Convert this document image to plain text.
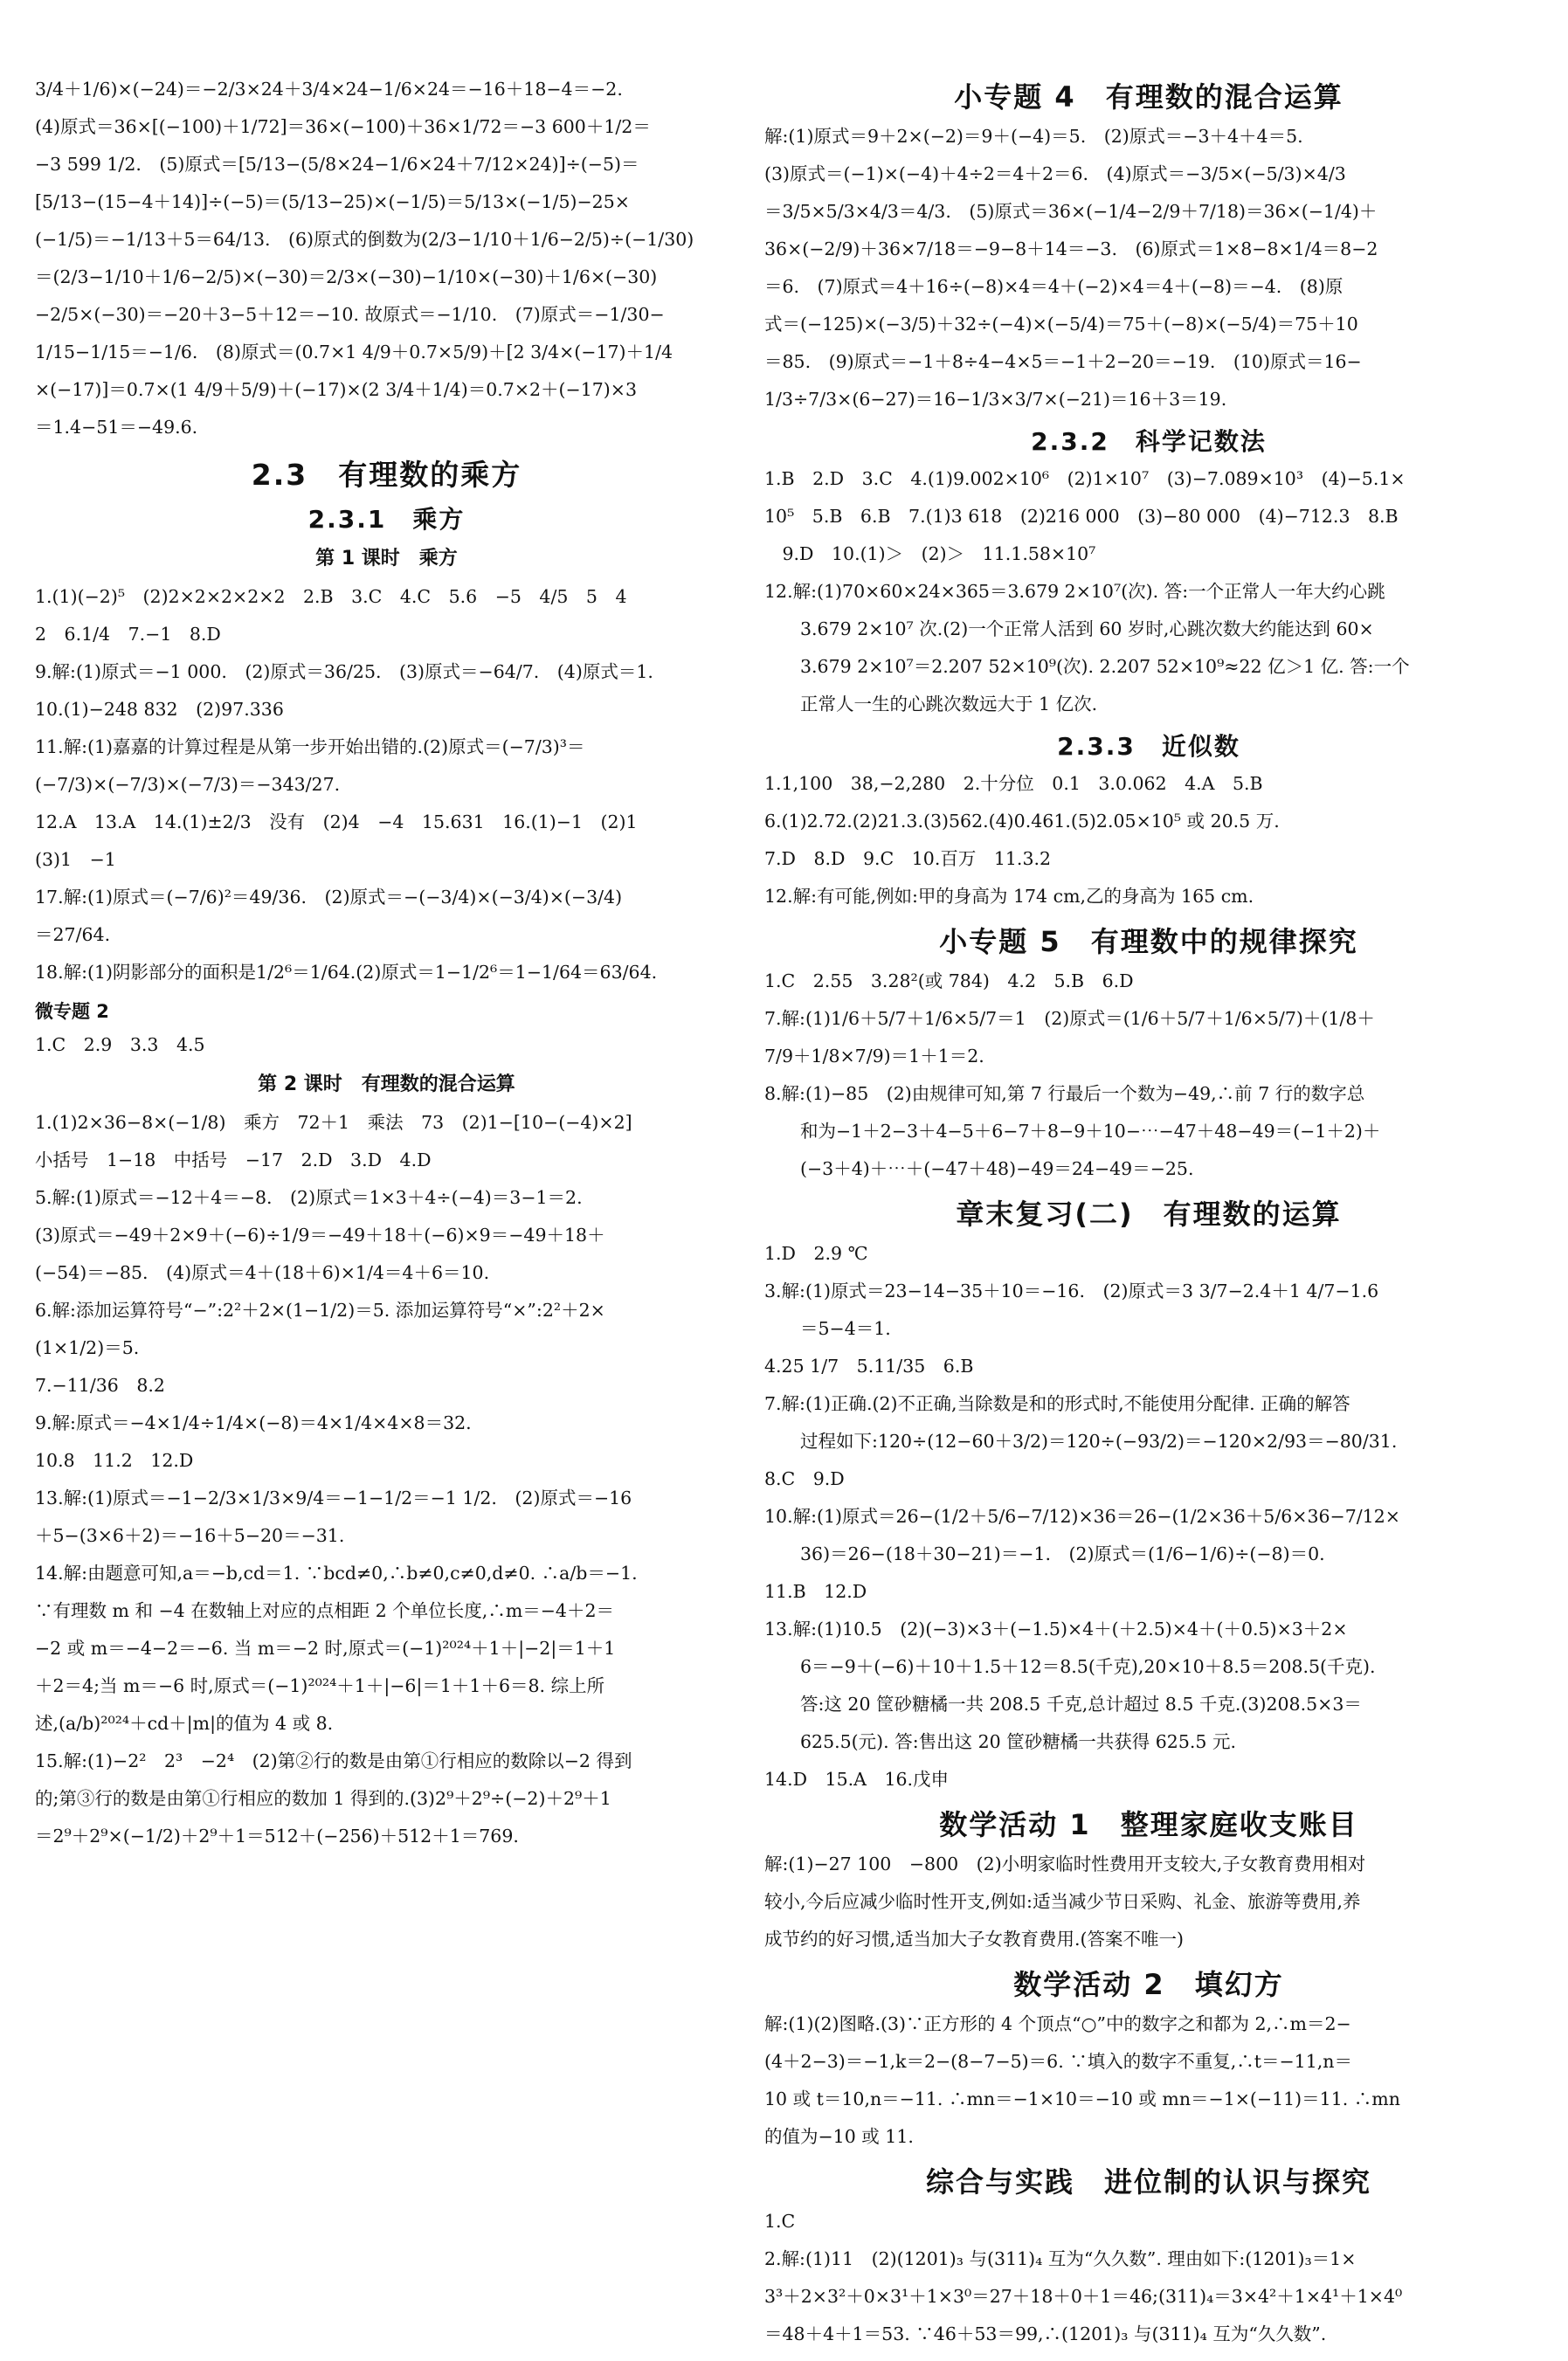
3/4＋1/6)×(−24)＝−2/3×24＋3/4×24−1/6×24＝−16＋18−4＝−2.
(4)原式＝36×[(−100)＋1/72]＝36×(−100)＋36×1/72＝−3 600＋1/2＝
−3 599 1/2.　(5)原式＝[5/13−(5/8×24−1/6×24＋7/12×24)]÷(−5)＝
[5/13−(15−4＋14)]÷(−5)＝(5/13−25)×(−1/5)＝5/13×(−1/5)−25×
(−1/5)＝−1/13＋5＝64/13.　(6)原式的倒数为(2/3−1/10＋1/6−2/5)÷(−1/30)
＝(2/3−1/10＋1/6−2/5)×(−30)＝2/3×(−30)−1/10×(−30)＋1/6×(−30)
−2/5×(−30)＝−20＋3−5＋12＝−10. 故原式＝−1/10.　(7)原式＝−1/30−
1/15−1/15＝−1/6.　(8)原式＝(0.7×1 4/9＋0.7×5/9)＋[2 3/4×(−17)＋1/4
×(−17)]＝0.7×(1 4/9＋5/9)＋(−17)×(2 3/4＋1/4)＝0.7×2＋(−17)×3
＝1.4−51＝−49.6.
2.3　有理数的乘方
2.3.1　乘方
第 1 课时　乘方
1.(1)(−2)⁵　(2)2×2×2×2×2　2.B　3.C　4.C　5.6　−5　4/5　5　4
2　6.1/4　7.−1　8.D
9.解:(1)原式＝−1 000.　(2)原式＝36/25.　(3)原式＝−64/7.　(4)原式＝1.
10.(1)−248 832　(2)97.336
11.解:(1)嘉嘉的计算过程是从第一步开始出错的.(2)原式＝(−7/3)³＝
(−7/3)×(−7/3)×(−7/3)＝−343/27.
12.A　13.A　14.(1)±2/3　没有　(2)4　−4　15.631　16.(1)−1　(2)1
(3)1　−1
17.解:(1)原式＝(−7/6)²＝49/36.　(2)原式＝−(−3/4)×(−3/4)×(−3/4)
＝27/64.
18.解:(1)阴影部分的面积是1/2⁶＝1/64.(2)原式＝1−1/2⁶＝1−1/64＝63/64.
微专题 2
1.C　2.9　3.3　4.5
第 2 课时　有理数的混合运算
1.(1)2×36−8×(−1/8)　乘方　72＋1　乘法　73　(2)1−[10−(−4)×2]
小括号　1−18　中括号　−17　2.D　3.D　4.D
5.解:(1)原式＝−12＋4＝−8.　(2)原式＝1×3＋4÷(−4)＝3−1＝2.
(3)原式＝−49＋2×9＋(−6)÷1/9＝−49＋18＋(−6)×9＝−49＋18＋
(−54)＝−85.　(4)原式＝4＋(18＋6)×1/4＝4＋6＝10.
6.解:添加运算符号“−”:2²＋2×(1−1/2)＝5. 添加运算符号“×”:2²＋2×
(1×1/2)＝5.
7.−11/36　8.2
9.解:原式＝−4×1/4÷1/4×(−8)＝4×1/4×4×8＝32.
10.8　11.2　12.D
13.解:(1)原式＝−1−2/3×1/3×9/4＝−1−1/2＝−1 1/2.　(2)原式＝−16
＋5−(3×6＋2)＝−16＋5−20＝−31.
14.解:由题意可知,a＝−b,cd＝1. ∵bcd≠0,∴b≠0,c≠0,d≠0. ∴a/b＝−1.
∵有理数 m 和 −4 在数轴上对应的点相距 2 个单位长度,∴m＝−4＋2＝
−2 或 m＝−4−2＝−6. 当 m＝−2 时,原式＝(−1)²⁰²⁴＋1＋|−2|＝1＋1
＋2＝4;当 m＝−6 时,原式＝(−1)²⁰²⁴＋1＋|−6|＝1＋1＋6＝8. 综上所
述,(a/b)²⁰²⁴＋cd＋|m|的值为 4 或 8.
15.解:(1)−2²　2³　−2⁴　(2)第②行的数是由第①行相应的数除以−2 得到
的;第③行的数是由第①行相应的数加 1 得到的.(3)2⁹＋2⁹÷(−2)＋2⁹＋1
＝2⁹＋2⁹×(−1/2)＋2⁹＋1＝512＋(−256)＋512＋1＝769.
小专题 4　有理数的混合运算
解:(1)原式＝9＋2×(−2)＝9＋(−4)＝5.　(2)原式＝−3＋4＋4＝5.
(3)原式＝(−1)×(−4)＋4÷2＝4＋2＝6.　(4)原式＝−3/5×(−5/3)×4/3
＝3/5×5/3×4/3＝4/3.　(5)原式＝36×(−1/4−2/9＋7/18)＝36×(−1/4)＋
36×(−2/9)＋36×7/18＝−9−8＋14＝−3.　(6)原式＝1×8−8×1/4＝8−2
＝6.　(7)原式＝4＋16÷(−8)×4＝4＋(−2)×4＝4＋(−8)＝−4.　(8)原
式＝(−125)×(−3/5)＋32÷(−4)×(−5/4)＝75＋(−8)×(−5/4)＝75＋10
＝85.　(9)原式＝−1＋8÷4−4×5＝−1＋2−20＝−19.　(10)原式＝16−
1/3÷7/3×(6−27)＝16−1/3×3/7×(−21)＝16＋3＝19.
2.3.2　科学记数法
1.B　2.D　3.C　4.(1)9.002×10⁶　(2)1×10⁷　(3)−7.089×10³　(4)−5.1×
10⁵　5.B　6.B　7.(1)3 618　(2)216 000　(3)−80 000　(4)−712.3　8.B
　9.D　10.(1)＞　(2)＞　11.1.58×10⁷
12.解:(1)70×60×24×365＝3.679 2×10⁷(次). 答:一个正常人一年大约心跳
　　3.679 2×10⁷ 次.(2)一个正常人活到 60 岁时,心跳次数大约能达到 60×
　　3.679 2×10⁷＝2.207 52×10⁹(次). 2.207 52×10⁹≈22 亿＞1 亿. 答:一个
　　正常人一生的心跳次数远大于 1 亿次.
2.3.3　近似数
1.1,100　38,−2,280　2.十分位　0.1　3.0.062　4.A　5.B
6.(1)2.72.(2)21.3.(3)562.(4)0.461.(5)2.05×10⁵ 或 20.5 万.
7.D　8.D　9.C　10.百万　11.3.2
12.解:有可能,例如:甲的身高为 174 cm,乙的身高为 165 cm.
小专题 5　有理数中的规律探究
1.C　2.55　3.28²(或 784)　4.2　5.B　6.D
7.解:(1)1/6＋5/7＋1/6×5/7＝1　(2)原式＝(1/6＋5/7＋1/6×5/7)＋(1/8＋
7/9＋1/8×7/9)＝1＋1＝2.
8.解:(1)−85　(2)由规律可知,第 7 行最后一个数为−49,∴前 7 行的数字总
　　和为−1＋2−3＋4−5＋6−7＋8−9＋10−⋯−47＋48−49＝(−1＋2)＋
　　(−3＋4)＋⋯＋(−47＋48)−49＝24−49＝−25.
章末复习(二)　有理数的运算
1.D　2.9 ℃
3.解:(1)原式＝23−14−35＋10＝−16.　(2)原式＝3 3/7−2.4＋1 4/7−1.6
　　＝5−4＝1.
4.25 1/7　5.11/35　6.B
7.解:(1)正确.(2)不正确,当除数是和的形式时,不能使用分配律. 正确的解答
　　过程如下:120÷(12−60＋3/2)＝120÷(−93/2)＝−120×2/93＝−80/31.
8.C　9.D
10.解:(1)原式＝26−(1/2＋5/6−7/12)×36＝26−(1/2×36＋5/6×36−7/12×
　　36)＝26−(18＋30−21)＝−1.　(2)原式＝(1/6−1/6)÷(−8)＝0.
11.B　12.D
13.解:(1)10.5　(2)(−3)×3＋(−1.5)×4＋(＋2.5)×4＋(＋0.5)×3＋2×
　　6＝−9＋(−6)＋10＋1.5＋12＝8.5(千克),20×10＋8.5＝208.5(千克).
　　答:这 20 筐砂糖橘一共 208.5 千克,总计超过 8.5 千克.(3)208.5×3＝
　　625.5(元). 答:售出这 20 筐砂糖橘一共获得 625.5 元.
14.D　15.A　16.戊申
数学活动 1　整理家庭收支账目
解:(1)−27 100　−800　(2)小明家临时性费用开支较大,子女教育费用相对
较小,今后应减少临时性开支,例如:适当减少节日采购、礼金、旅游等费用,养
成节约的好习惯,适当加大子女教育费用.(答案不唯一)
数学活动 2　填幻方
解:(1)(2)图略.(3)∵正方形的 4 个顶点“○”中的数字之和都为 2,∴m＝2−
(4＋2−3)＝−1,k＝2−(8−7−5)＝6. ∵填入的数字不重复,∴t＝−11,n＝
10 或 t＝10,n＝−11. ∴mn＝−1×10＝−10 或 mn＝−1×(−11)＝11. ∴mn
的值为−10 或 11.
综合与实践　进位制的认识与探究
1.C
2.解:(1)11　(2)(1201)₃ 与(311)₄ 互为“久久数”. 理由如下:(1201)₃＝1×
3³＋2×3²＋0×3¹＋1×3⁰＝27＋18＋0＋1＝46;(311)₄＝3×4²＋1×4¹＋1×4⁰
＝48＋4＋1＝53. ∵46＋53＝99,∴(1201)₃ 与(311)₄ 互为“久久数”.
